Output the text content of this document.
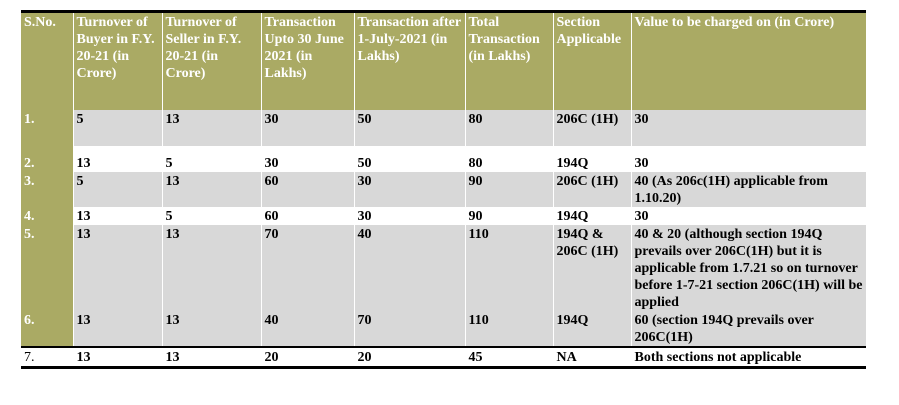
S.No.	Turnover of Buyer in F.Y. 20-21 (in Crore)	Turnover of Seller in F.Y. 20-21 (in Crore)	Transaction Upto 30 June 2021 (in Lakhs)	Transaction after 1-July-2021 (in Lakhs)	Total Transaction (in Lakhs)	Section Applicable	Value to be charged on (in Crore)
1.	5	13	30	50	80	206C (1H)	30

2.	13	5	30	50	80	194Q	30
3.	5	13	60	30	90	206C (1H)	40 (As 206c(1H) applicable from 1.10.20)
4.	13	5	60	30	90	194Q	30
5.	13	13	70	40	110	194Q & 206C (1H)	40 & 20 (although section 194Q prevails over 206C(1H) but it is applicable from 1.7.21 so on turnover before 1-7-21 section 206C(1H) will be applied
6.	13	13	40	70	110	194Q	60 (section 194Q prevails over 206C(1H)
7.	13	13	20	20	45	NA	Both sections not applicable
